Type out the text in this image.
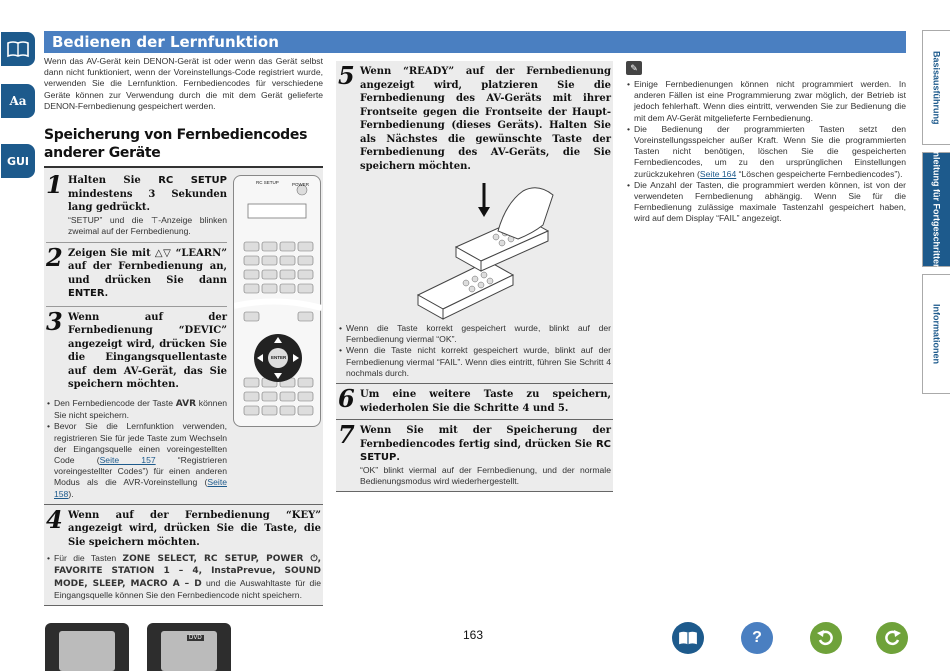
Aa
GUI
Basisausführung
Anleitung für Fortgeschrittene
Informationen
Bedienen der Lernfunktion

Wenn das AV-Gerät kein DENON-Gerät ist oder wenn das Gerät selbst dann nicht funktioniert, wenn der Voreinstellungs-Code registriert wurde, verwenden Sie die Lernfunktion. Fernbediencodes für verschiedene Geräte können zur Verwendung durch die mit dem Gerät gelieferte DENON-Fernbedienung gespeichert werden.

Speicherung von Fernbediencodes anderer Geräte
1 Halten Sie RC SETUP mindestens 3 Sekunden lang gedrückt.
“SETUP” und die ⊤-Anzeige blinken zweimal auf der Fernbedienung.
2 Zeigen Sie mit △▽ “LEARN” auf der Fernbedienung an, und drücken Sie dann ENTER.
3 Wenn auf der Fernbedienung “DEVIC” angezeigt wird, drücken Sie die Eingangsquellentaste auf dem AV-Gerät, das Sie speichern möchten.
• Den Fernbediencode der Taste AVR können Sie nicht speichern.
• Bevor Sie die Lernfunktion verwenden, registrieren Sie für jede Taste zum Wechseln der Eingangsquelle einen voreingestellten Code (Seite 157 “Registrieren voreingestellter Codes”) für einen anderen Modus als die AVR-Voreinstellung (Seite 158).
4 Wenn auf der Fernbedienung “KEY” angezeigt wird, drücken Sie die Taste, die Sie speichern möchten.
• Für die Tasten ZONE SELECT, RC SETUP, POWER ⏻, FAVORITE STATION 1 – 4, InstaPrevue, SOUND MODE, SLEEP, MACRO A – D und die Auswahltaste für die Eingangsquelle können Sie den Fernbediencode nicht speichern.
POWER
RC SETUP
ENTER
5 Wenn “READY” auf der Fernbedienung angezeigt wird, platzieren Sie die Fernbedienung des AV-Geräts mit ihrer Frontseite gegen die Frontseite der Haupt-Fernbedienung (dieses Geräts). Halten Sie als Nächstes die gewünschte Taste der Fernbedienung des AV-Geräts, die Sie speichern möchten.
• Wenn die Taste korrekt gespeichert wurde, blinkt auf der Fernbedienung viermal “OK”.
• Wenn die Taste nicht korrekt gespeichert wurde, blinkt auf der Fernbedienung viermal “FAIL”. Wenn dies eintritt, führen Sie Schritt 4 nochmals durch.
6 Um eine weitere Taste zu speichern, wiederholen Sie die Schritte 4 und 5.
7 Wenn Sie mit der Speicherung der Fernbediencodes fertig sind, drücken Sie RC SETUP.
“OK” blinkt viermal auf der Fernbedienung, und der normale Bedienungsmodus wird wiederhergestellt.
✎
• Einige Fernbedienungen können nicht programmiert werden. In anderen Fällen ist eine Programmierung zwar möglich, der Betrieb ist jedoch fehlerhaft. Wenn dies eintritt, verwenden Sie zur Bedienung die mit dem AV-Gerät mitgelieferte Fernbedienung.
• Die Bedienung der programmierten Tasten setzt den Voreinstellungsspeicher außer Kraft. Wenn Sie die programmierten Tasten nicht benötigen, löschen Sie die gespeicherten Fernbediencodes, um zu den ursprünglichen Einstellungen zurückzukehren (Seite 164 “Löschen gespeicherte Fernbediencodes”).
• Die Anzahl der Tasten, die programmiert werden können, ist von der verwendeten Fernbedienung abhängig. Wenn Sie für die Fernbedienung zulässige maximale Tastenzahl gespeichert haben, wird auf dem Display “FAIL” angezeigt.
DVD	163	?
